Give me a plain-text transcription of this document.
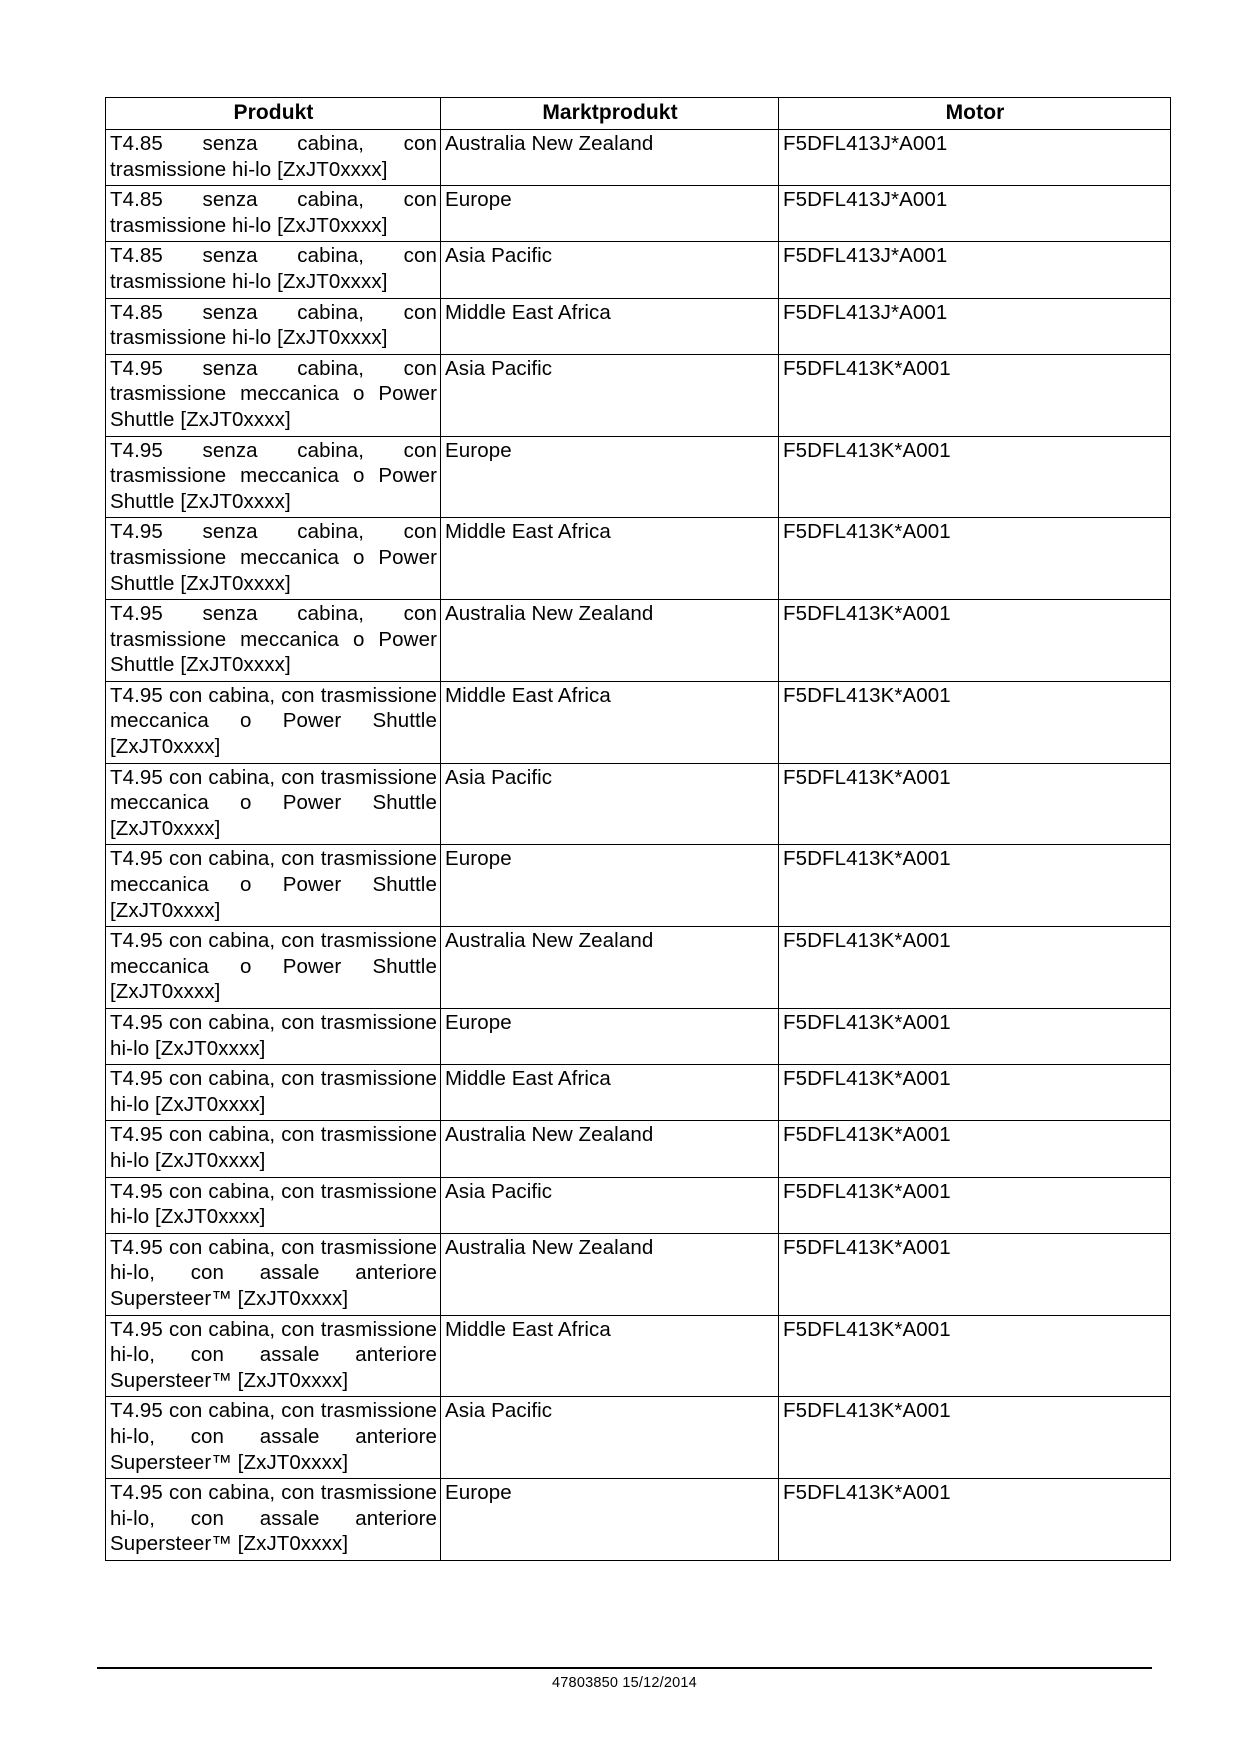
Produkt	Marktprodukt	Motor

T4.85 senza cabina, con
trasmissione hi-lo [ZxJT0xxxx]	Australia New Zealand	F5DFL413J*A001

T4.85 senza cabina, con
trasmissione hi-lo [ZxJT0xxxx]	Europe	F5DFL413J*A001

T4.85 senza cabina, con
trasmissione hi-lo [ZxJT0xxxx]	Asia Pacific	F5DFL413J*A001

T4.85 senza cabina, con
trasmissione hi-lo [ZxJT0xxxx]	Middle East Africa	F5DFL413J*A001

T4.95 senza cabina, con
trasmissione meccanica o Power
Shuttle [ZxJT0xxxx]
	Asia Pacific	F5DFL413K*A001

T4.95 senza cabina, con
trasmissione meccanica o Power
Shuttle [ZxJT0xxxx]
	Europe	F5DFL413K*A001

T4.95 senza cabina, con
trasmissione meccanica o Power
Shuttle [ZxJT0xxxx]
	Middle East Africa	F5DFL413K*A001

T4.95 senza cabina, con
trasmissione meccanica o Power
Shuttle [ZxJT0xxxx]
	Australia New Zealand	F5DFL413K*A001

T4.95 con cabina, con trasmissione
meccanica o Power Shuttle
[ZxJT0xxxx]
	Middle East Africa	F5DFL413K*A001

T4.95 con cabina, con trasmissione
meccanica o Power Shuttle
[ZxJT0xxxx]
	Asia Pacific	F5DFL413K*A001

T4.95 con cabina, con trasmissione
meccanica o Power Shuttle
[ZxJT0xxxx]
	Europe	F5DFL413K*A001

T4.95 con cabina, con trasmissione
meccanica o Power Shuttle
[ZxJT0xxxx]
	Australia New Zealand	F5DFL413K*A001

T4.95 con cabina, con trasmissione
hi-lo [ZxJT0xxxx]
	Europe	F5DFL413K*A001

T4.95 con cabina, con trasmissione
hi-lo [ZxJT0xxxx]
	Middle East Africa	F5DFL413K*A001

T4.95 con cabina, con trasmissione
hi-lo [ZxJT0xxxx]
	Australia New Zealand	F5DFL413K*A001

T4.95 con cabina, con trasmissione
hi-lo [ZxJT0xxxx]
	Asia Pacific	F5DFL413K*A001

T4.95 con cabina, con trasmissione
hi-lo, con assale anteriore
Supersteer™ [ZxJT0xxxx]
	Australia New Zealand	F5DFL413K*A001

T4.95 con cabina, con trasmissione
hi-lo, con assale anteriore
Supersteer™ [ZxJT0xxxx]
	Middle East Africa	F5DFL413K*A001

T4.95 con cabina, con trasmissione
hi-lo, con assale anteriore
Supersteer™ [ZxJT0xxxx]
	Asia Pacific	F5DFL413K*A001

T4.95 con cabina, con trasmissione
hi-lo, con assale anteriore
Supersteer™ [ZxJT0xxxx]
	Europe	F5DFL413K*A001
47803850 15/12/2014
